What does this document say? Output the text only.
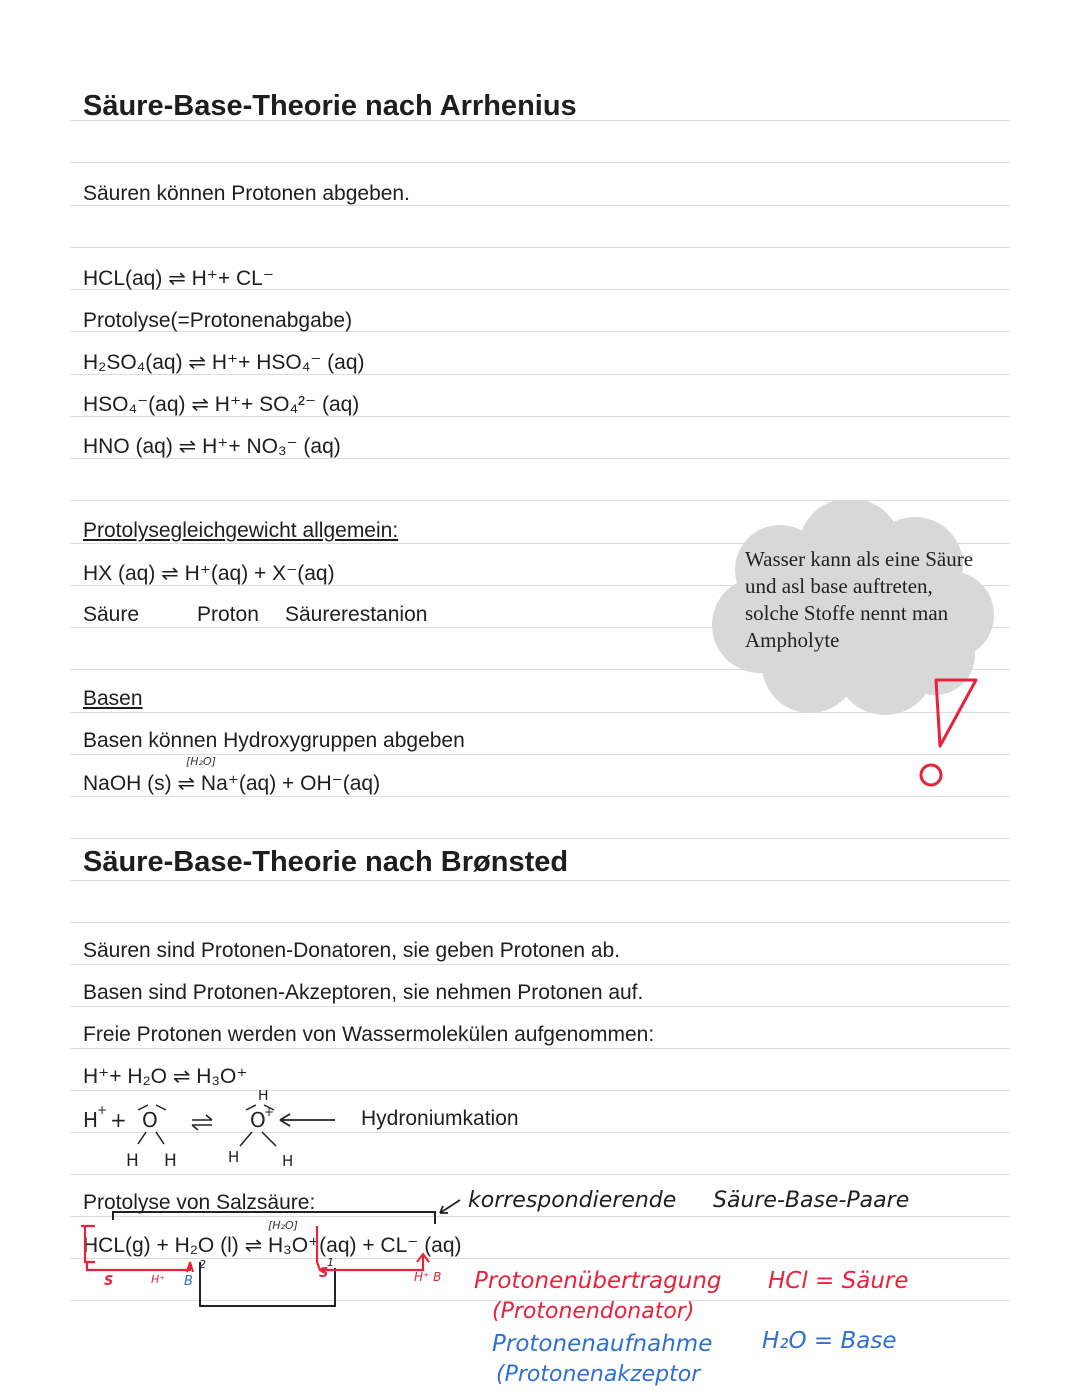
Säure-Base-Theorie nach Arrhenius
Säuren können Protonen abgeben.
HCL(aq) ⇌ H⁺+ CL⁻
Protolyse(=Protonenabgabe)
H₂SO₄(aq) ⇌ H⁺+ HSO₄⁻ (aq)
HSO₄⁻(aq) ⇌ H⁺+ SO₄²⁻ (aq)
HNO (aq) ⇌ H⁺+ NO₃⁻ (aq)
Protolysegleichgewicht allgemein:
HX (aq) ⇌ H⁺(aq) + X⁻(aq)
Säure	Proton Säurerestanion
Basen
Basen können Hydroxygruppen abgeben
NaOH (s) ⇌ Na⁺(aq) + OH⁻(aq)
[H₂O]
Wasser kann als eine Säure und asl base auftreten, solche Stoffe nennt man Ampholyte
Säure-Base-Theorie nach Brønsted
Säuren sind Protonen-Donatoren, sie geben Protonen ab.
Basen sind Protonen-Akzeptoren, sie nehmen Protonen auf.
Freie Protonen werden von Wassermolekülen aufgenommen:
H⁺+ H₂O ⇌ H₃O⁺
H
+ + O
H H
O
+
H	H
H
Hydroniumkation
Protolyse von Salzsäure:
HCL(g) + H₂O (l) ⇌ H₃O⁺(aq) + CL⁻ (aq)
[H₂O]
S	H⁺ B
2
S
1
H⁺ B
korrespondierende Säure-Base-Paare
Protonenübertragung HCl = Säure
(Protonendonator)
Protonenaufnahme H₂O = Base
(Protonenakzeptor
